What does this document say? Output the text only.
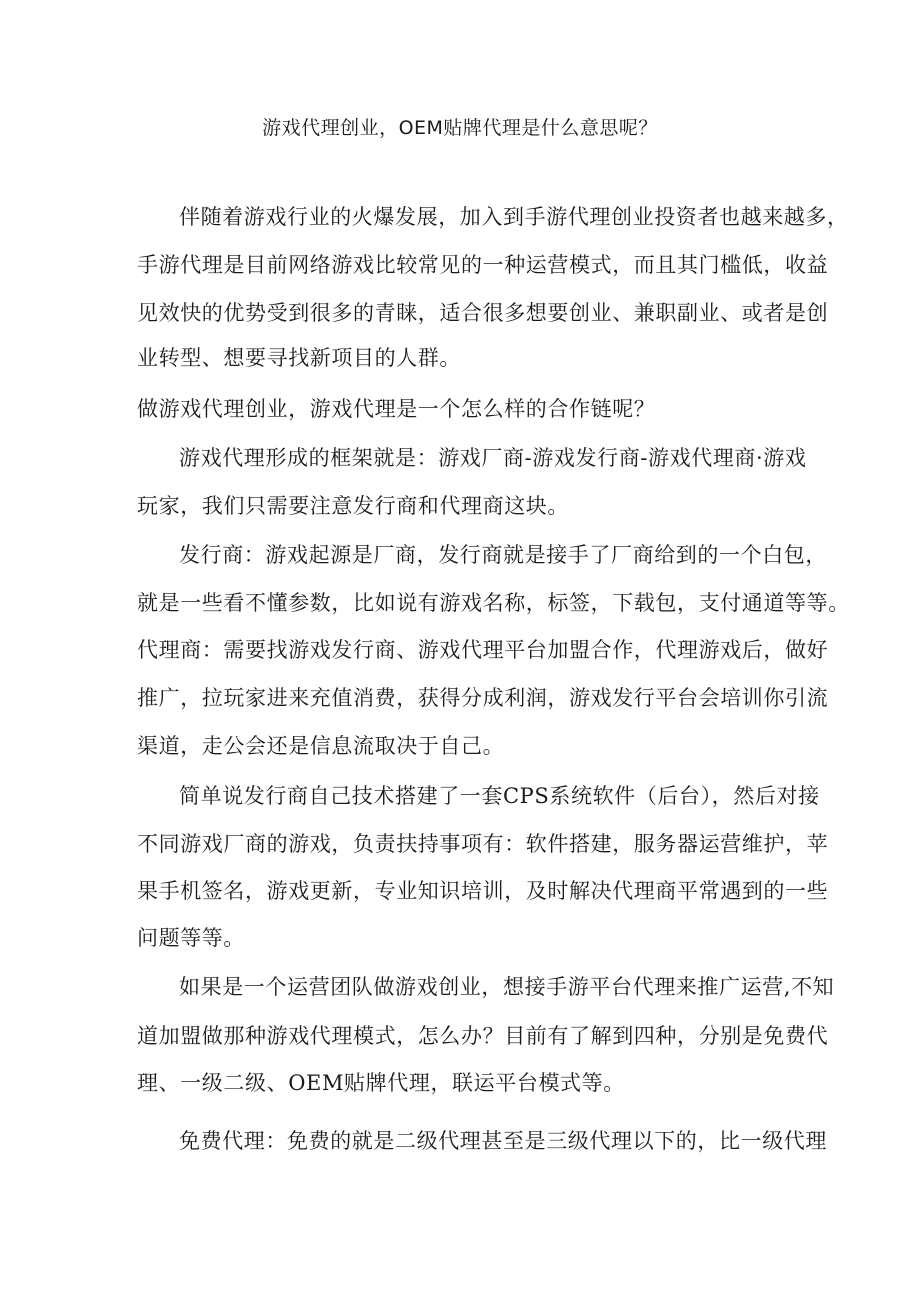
游戏代理创业，OEM贴牌代理是什么意思呢？
伴随着游戏行业的火爆发展，加入到手游代理创业投资者也越来越多，
手游代理是目前网络游戏比较常见的一种运营模式，而且其门槛低，收益
见效快的优势受到很多的青睐，适合很多想要创业、兼职副业、或者是创
业转型、想要寻找新项目的人群。
做游戏代理创业，游戏代理是一个怎么样的合作链呢？
游戏代理形成的框架就是：游戏厂商-游戏发行商-游戏代理商·游戏
玩家，我们只需要注意发行商和代理商这块。
发行商：游戏起源是厂商，发行商就是接手了厂商给到的一个白包，
就是一些看不懂参数，比如说有游戏名称，标签，下载包，支付通道等等。
代理商：需要找游戏发行商、游戏代理平台加盟合作，代理游戏后，做好
推广，拉玩家进来充值消费，获得分成利润，游戏发行平台会培训你引流
渠道，走公会还是信息流取决于自己。
简单说发行商自己技术搭建了一套CPS系统软件（后台），然后对接
不同游戏厂商的游戏，负责扶持事项有：软件搭建，服务器运营维护，苹
果手机签名，游戏更新，专业知识培训，及时解决代理商平常遇到的一些
问题等等。
如果是一个运营团队做游戏创业，想接手游平台代理来推广运营,不知
道加盟做那种游戏代理模式，怎么办？目前有了解到四种，分别是免费代
理、一级二级、OEM贴牌代理，联运平台模式等。
免费代理：免费的就是二级代理甚至是三级代理以下的，比一级代理
